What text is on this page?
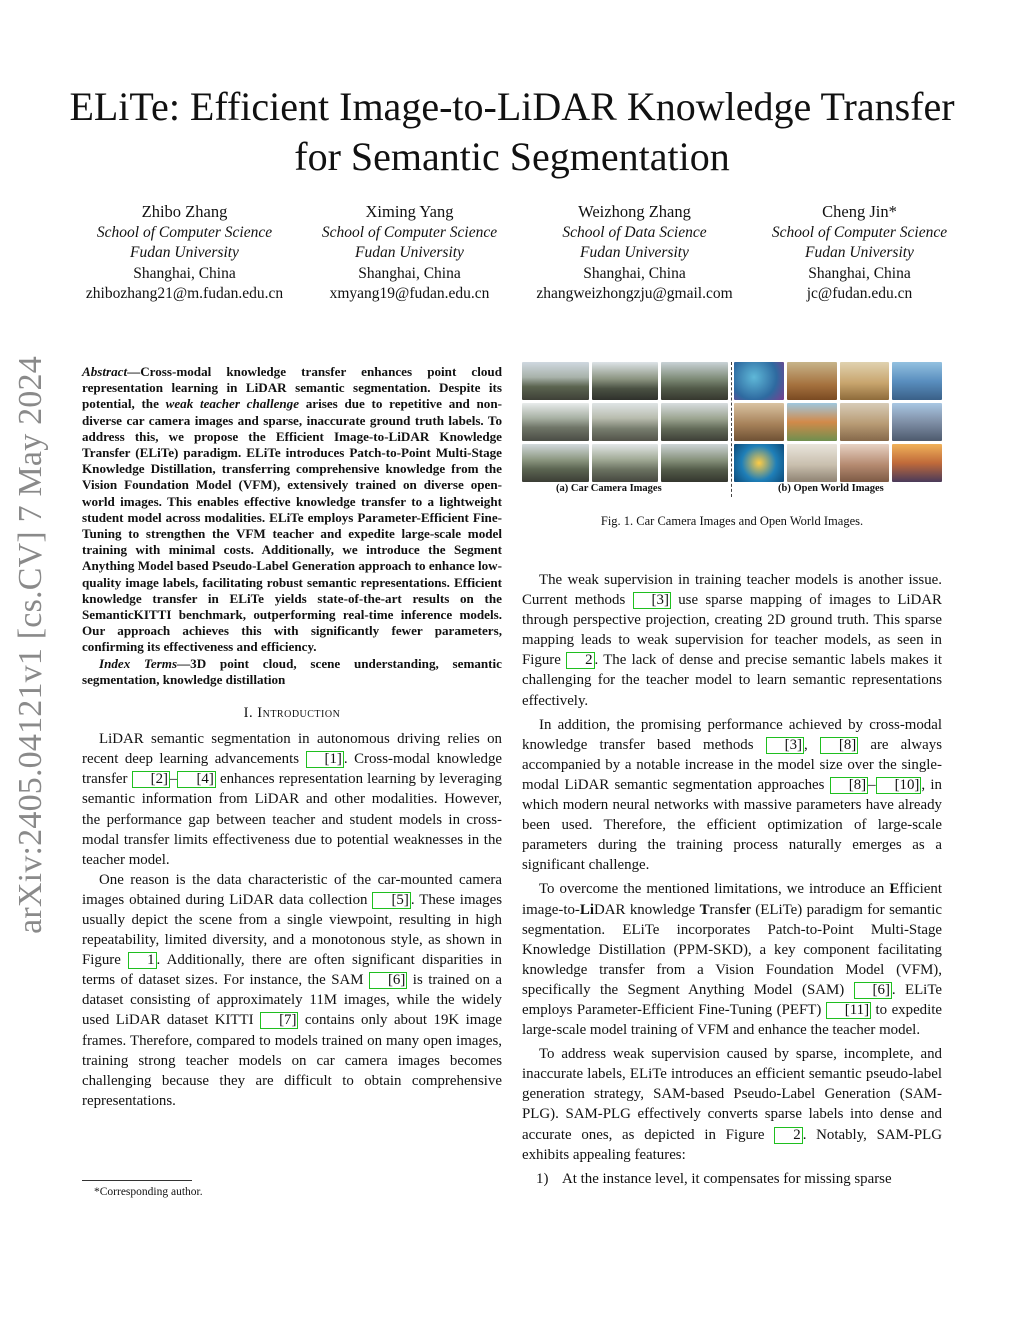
arXiv:2405.04121v1 [cs.CV] 7 May 2024
ELiTe: Efficient Image-to-LiDAR Knowledge Transfer for Semantic Segmentation
Zhibo Zhang
School of Computer Science
Fudan University
Shanghai, China
zhibozhang21@m.fudan.edu.cn
Ximing Yang
School of Computer Science
Fudan University
Shanghai, China
xmyang19@fudan.edu.cn
Weizhong Zhang
School of Data Science
Fudan University
Shanghai, China
zhangweizhongzju@gmail.com
Cheng Jin*
School of Computer Science
Fudan University
Shanghai, China
jc@fudan.edu.cn

Abstract—Cross-modal knowledge transfer enhances point cloud representation learning in LiDAR semantic segmentation. Despite its potential, the weak teacher challenge arises due to repetitive and non-diverse car camera images and sparse, inaccurate ground truth labels. To address this, we propose the Efficient Image-to-LiDAR Knowledge Transfer (ELiTe) paradigm. ELiTe introduces Patch-to-Point Multi-Stage Knowledge Distillation, transferring comprehensive knowledge from the Vision Foundation Model (VFM), extensively trained on diverse open-world images. This enables effective knowledge transfer to a lightweight student model across modalities. ELiTe employs Parameter-Efficient Fine-Tuning to strengthen the VFM teacher and expedite large-scale model training with minimal costs. Additionally, we introduce the Segment Anything Model based Pseudo-Label Generation approach to enhance low-quality image labels, facilitating robust semantic representations. Efficient knowledge transfer in ELiTe yields state-of-the-art results on the SemanticKITTI benchmark, outperforming real-time inference models. Our approach achieves this with significantly fewer parameters, confirming its effectiveness and efficiency.

Index Terms—3D point cloud, scene understanding, semantic segmentation, knowledge distillation

I. Introduction

LiDAR semantic segmentation in autonomous driving relies on recent deep learning advancements [1] . Cross-modal knowledge transfer [2] – [4] enhances representation learning by leveraging semantic information from LiDAR and other modalities. However, the performance gap between teacher and student models in cross-modal transfer limits effectiveness due to potential weaknesses in the teacher model.

One reason is the data characteristic of the car-mounted camera images obtained during LiDAR data collection [5] . These images usually depict the scene from a single viewpoint, resulting in high repeatability, limited diversity, and a monotonous style, as shown in Figure 1 . Additionally, there are often significant disparities in terms of dataset sizes. For instance, the SAM [6] is trained on a dataset consisting of approximately 11M images, while the widely used LiDAR dataset KITTI [7] contains only about 19K image frames. Therefore, compared to models trained on many open images, training strong teacher models on car camera images becomes challenging because they are difficult to obtain comprehensive representations.

*Corresponding author.
(a) Car Camera Images	(b) Open World Images
Fig. 1. Car Camera Images and Open World Images.

The weak supervision in training teacher models is another issue. Current methods [3] use sparse mapping of images to LiDAR through perspective projection, creating 2D ground truth. This sparse mapping leads to weak supervision for teacher models, as seen in Figure 2 . The lack of dense and precise semantic labels makes it challenging for the teacher model to learn semantic representations effectively.

In addition, the promising performance achieved by cross-modal knowledge transfer based methods [3] , [8] are always accompanied by a notable increase in the model size over the single-modal LiDAR semantic segmentation approaches [8] – [10] , in which modern neural networks with massive parameters have already been used. Therefore, the efficient optimization of large-scale parameters during the training process naturally emerges as a significant challenge.

To overcome the mentioned limitations, we introduce an Efficient image-to-LiDAR knowledge Transfer (ELiTe) paradigm for semantic segmentation. ELiTe incorporates Patch-to-Point Multi-Stage Knowledge Distillation (PPM-SKD), a key component facilitating knowledge transfer from a Vision Foundation Model (VFM), specifically the Segment Anything Model (SAM) [6] . ELiTe employs Parameter-Efficient Fine-Tuning (PEFT) [11] to expedite large-scale model training of VFM and enhance the teacher model.

To address weak supervision caused by sparse, incomplete, and inaccurate labels, ELiTe introduces an efficient semantic pseudo-label generation strategy, SAM-based Pseudo-Label Generation (SAM-PLG). SAM-PLG effectively converts sparse labels into dense and accurate ones, as depicted in Figure 2 . Notably, SAM-PLG exhibits appealing features:

1) At the instance level, it compensates for missing sparse
